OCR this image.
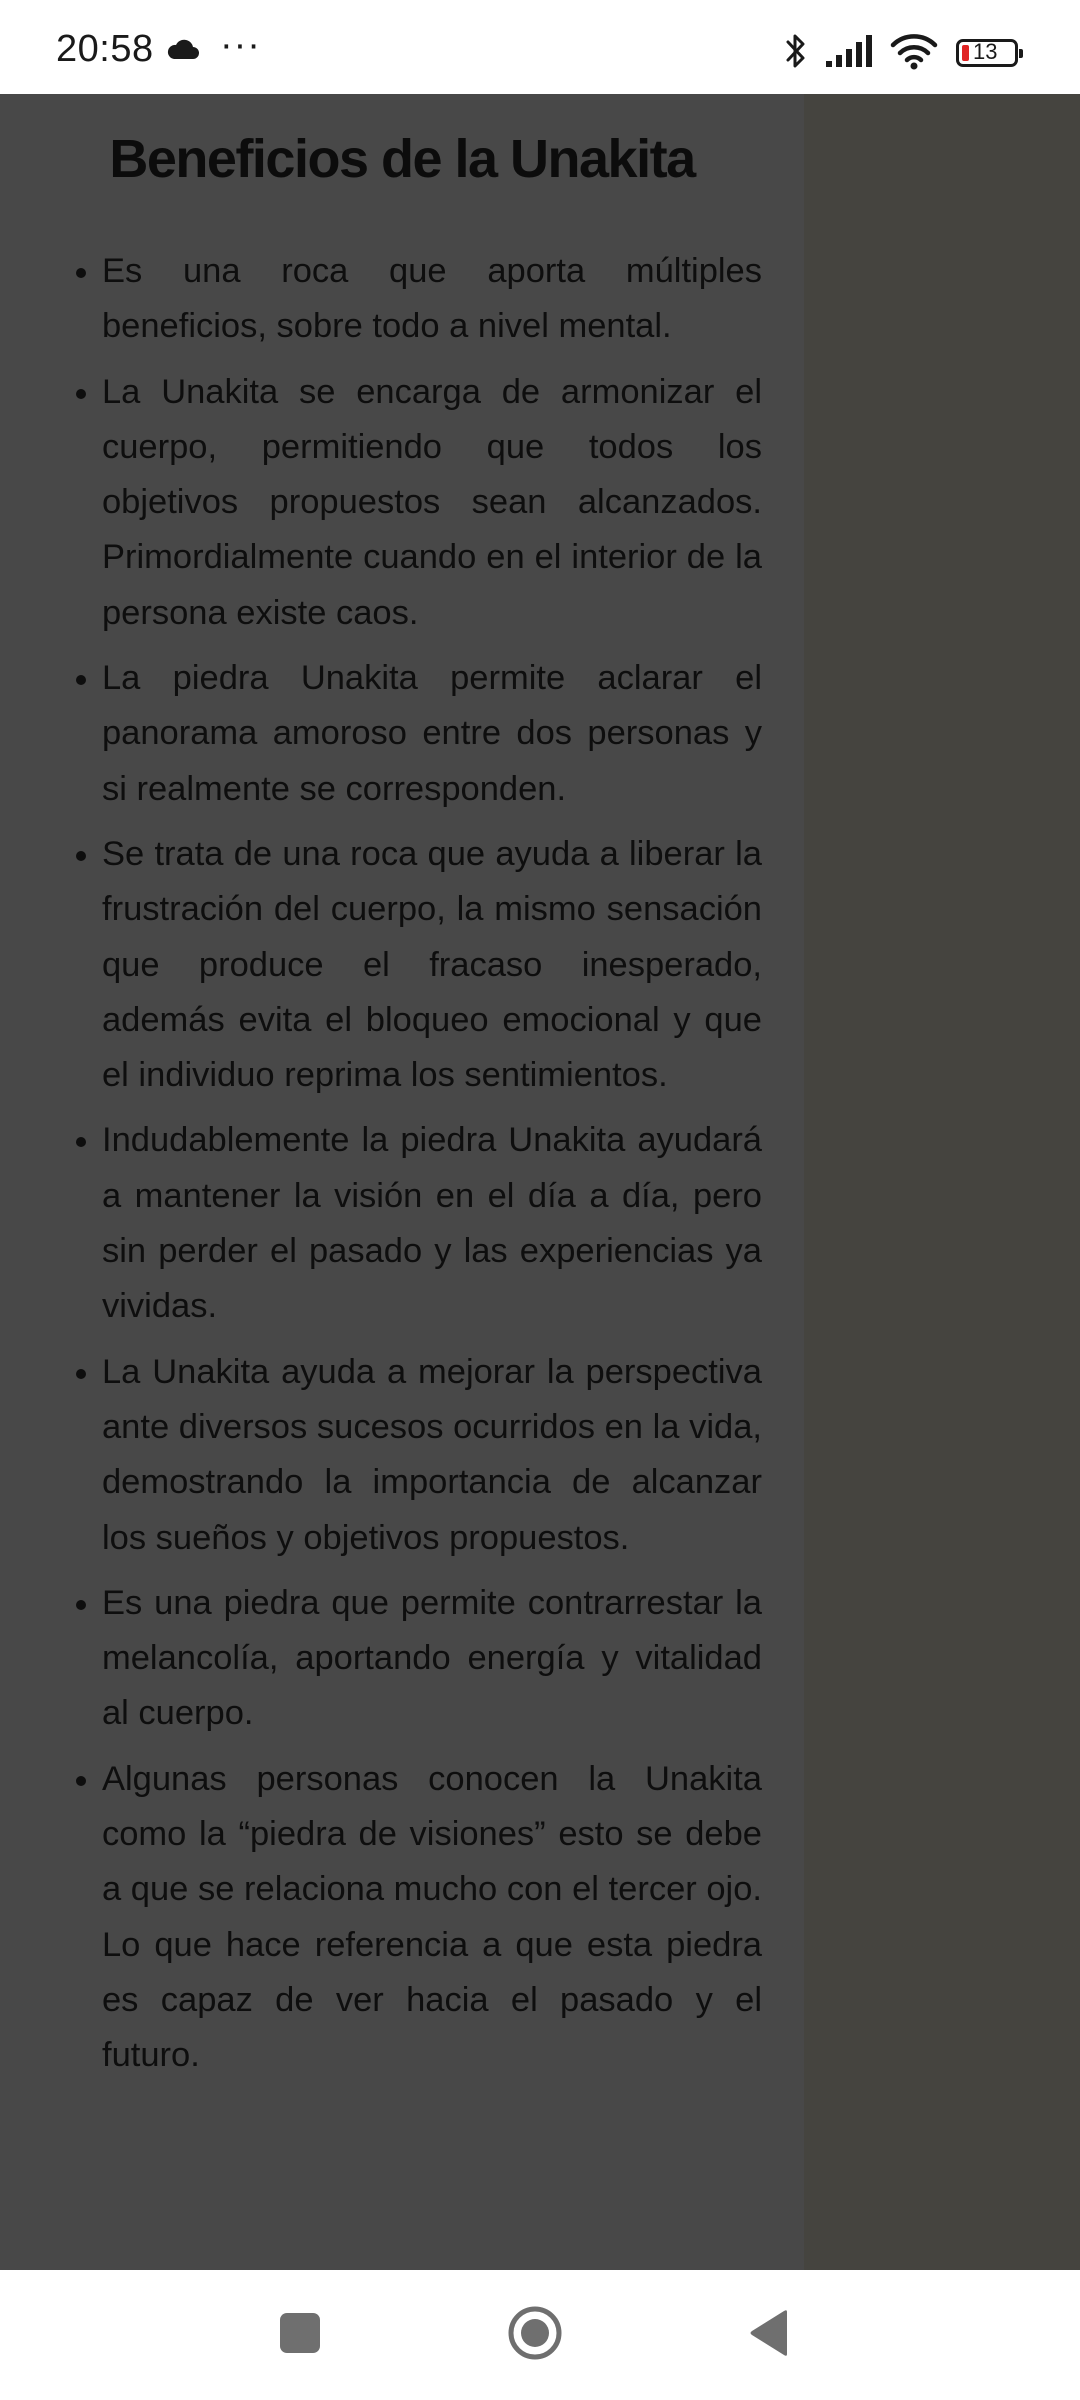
20:58 ···	13
Beneficios de la Unakita
Es una roca que aporta múltiples beneficios, sobre todo a nivel mental.
La Unakita se encarga de armonizar el cuerpo, permitiendo que todos los objetivos propuestos sean alcanzados. Primordialmente cuando en el interior de la persona existe caos.
La piedra Unakita permite aclarar el panorama amoroso entre dos personas y si realmente se corresponden.
Se trata de una roca que ayuda a liberar la frustración del cuerpo, la mismo sensación que produce el fracaso inesperado, además evita el bloqueo emocional y que el individuo reprima los sentimientos.
Indudablemente la piedra Unakita ayudará a mantener la visión en el día a día, pero sin perder el pasado y las experiencias ya vividas.
La Unakita ayuda a mejorar la perspectiva ante diversos sucesos ocurridos en la vida, demostrando la importancia de alcanzar los sueños y objetivos propuestos.
Es una piedra que permite contrarrestar la melancolía, aportando energía y vitalidad al cuerpo.
Algunas personas conocen la Unakita como la “piedra de visiones” esto se debe a que se relaciona mucho con el tercer ojo. Lo que hace referencia a que esta piedra es capaz de ver hacia el pasado y el futuro.
